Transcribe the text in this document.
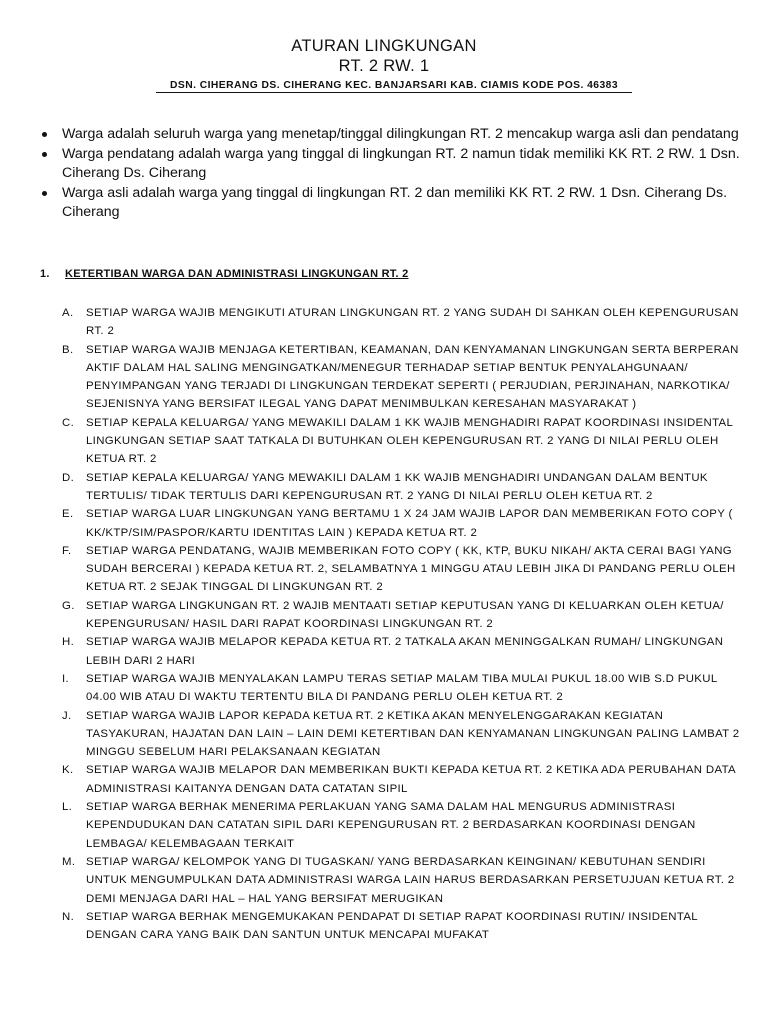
ATURAN LINGKUNGAN
RT. 2 RW. 1
DSN. CIHERANG DS. CIHERANG KEC. BANJARSARI KAB. CIAMIS KODE POS. 46383
Warga adalah seluruh warga yang menetap/tinggal dilingkungan RT. 2 mencakup warga asli dan pendatang
Warga pendatang adalah warga yang tinggal di lingkungan RT. 2 namun tidak memiliki KK RT. 2 RW. 1 Dsn. Ciherang Ds. Ciherang
Warga asli adalah warga yang tinggal di lingkungan RT. 2 dan memiliki KK RT. 2 RW. 1 Dsn. Ciherang Ds. Ciherang
1. KETERTIBAN WARGA DAN ADMINISTRASI LINGKUNGAN RT. 2
A. SETIAP WARGA WAJIB MENGIKUTI ATURAN LINGKUNGAN RT. 2 YANG SUDAH DI SAHKAN OLEH KEPENGURUSAN RT. 2
B. SETIAP WARGA WAJIB MENJAGA KETERTIBAN, KEAMANAN, DAN KENYAMANAN LINGKUNGAN SERTA BERPERAN AKTIF DALAM HAL SALING MENGINGATKAN/MENEGUR TERHADAP SETIAP BENTUK PENYALAHGUNAAN/ PENYIMPANGAN YANG TERJADI DI LINGKUNGAN TERDEKAT SEPERTI ( PERJUDIAN, PERJINAHAN, NARKOTIKA/ SEJENISNYA YANG BERSIFAT ILEGAL YANG DAPAT MENIMBULKAN KERESAHAN MASYARAKAT )
C. SETIAP KEPALA KELUARGA/ YANG MEWAKILI DALAM 1 KK WAJIB MENGHADIRI RAPAT KOORDINASI INSIDENTAL LINGKUNGAN SETIAP SAAT TATKALA DI BUTUHKAN OLEH KEPENGURUSAN RT. 2 YANG DI NILAI PERLU OLEH KETUA RT. 2
D. SETIAP KEPALA KELUARGA/ YANG MEWAKILI DALAM 1 KK WAJIB MENGHADIRI UNDANGAN DALAM BENTUK TERTULIS/ TIDAK TERTULIS DARI KEPENGURUSAN RT. 2 YANG DI NILAI PERLU OLEH KETUA RT. 2
E. SETIAP WARGA LUAR LINGKUNGAN YANG BERTAMU 1 X 24 JAM WAJIB LAPOR DAN MEMBERIKAN FOTO COPY ( KK/KTP/SIM/PASPOR/KARTU IDENTITAS LAIN ) KEPADA KETUA RT. 2
F. SETIAP WARGA PENDATANG, WAJIB MEMBERIKAN FOTO COPY ( KK, KTP, BUKU NIKAH/ AKTA CERAI BAGI YANG SUDAH BERCERAI ) KEPADA KETUA RT. 2, SELAMBATNYA 1 MINGGU ATAU LEBIH JIKA DI PANDANG PERLU OLEH KETUA RT. 2 SEJAK TINGGAL DI LINGKUNGAN RT. 2
G. SETIAP WARGA LINGKUNGAN RT. 2 WAJIB MENTAATI SETIAP KEPUTUSAN YANG DI KELUARKAN OLEH KETUA/ KEPENGURUSAN/ HASIL DARI RAPAT KOORDINASI LINGKUNGAN RT. 2
H. SETIAP WARGA WAJIB MELAPOR KEPADA KETUA RT. 2 TATKALA AKAN MENINGGALKAN RUMAH/ LINGKUNGAN LEBIH DARI 2 HARI
I. SETIAP WARGA WAJIB MENYALAKAN LAMPU TERAS SETIAP MALAM TIBA MULAI PUKUL 18.00 WIB S.D PUKUL 04.00 WIB ATAU DI WAKTU TERTENTU BILA DI PANDANG PERLU OLEH KETUA RT. 2
J. SETIAP WARGA WAJIB LAPOR KEPADA KETUA RT. 2 KETIKA AKAN MENYELENGGARAKAN KEGIATAN TASYAKURAN, HAJATAN DAN LAIN – LAIN DEMI KETERTIBAN DAN KENYAMANAN LINGKUNGAN PALING LAMBAT 2 MINGGU SEBELUM HARI PELAKSANAAN KEGIATAN
K. SETIAP WARGA WAJIB MELAPOR DAN MEMBERIKAN BUKTI KEPADA KETUA RT. 2 KETIKA ADA PERUBAHAN DATA ADMINISTRASI KAITANYA DENGAN DATA CATATAN SIPIL
L. SETIAP WARGA BERHAK MENERIMA PERLAKUAN YANG SAMA DALAM HAL MENGURUS ADMINISTRASI KEPENDUDUKAN DAN CATATAN SIPIL DARI KEPENGURUSAN RT. 2 BERDASARKAN KOORDINASI DENGAN LEMBAGA/ KELEMBAGAAN TERKAIT
M. SETIAP WARGA/ KELOMPOK YANG DI TUGASKAN/ YANG BERDASARKAN KEINGINAN/ KEBUTUHAN SENDIRI UNTUK MENGUMPULKAN DATA ADMINISTRASI WARGA LAIN HARUS BERDASARKAN PERSETUJUAN KETUA RT. 2 DEMI MENJAGA DARI HAL – HAL YANG BERSIFAT MERUGIKAN
N. SETIAP WARGA BERHAK MENGEMUKAKAN PENDAPAT DI SETIAP RAPAT KOORDINASI RUTIN/ INSIDENTAL DENGAN CARA YANG BAIK DAN SANTUN UNTUK MENCAPAI MUFAKAT
